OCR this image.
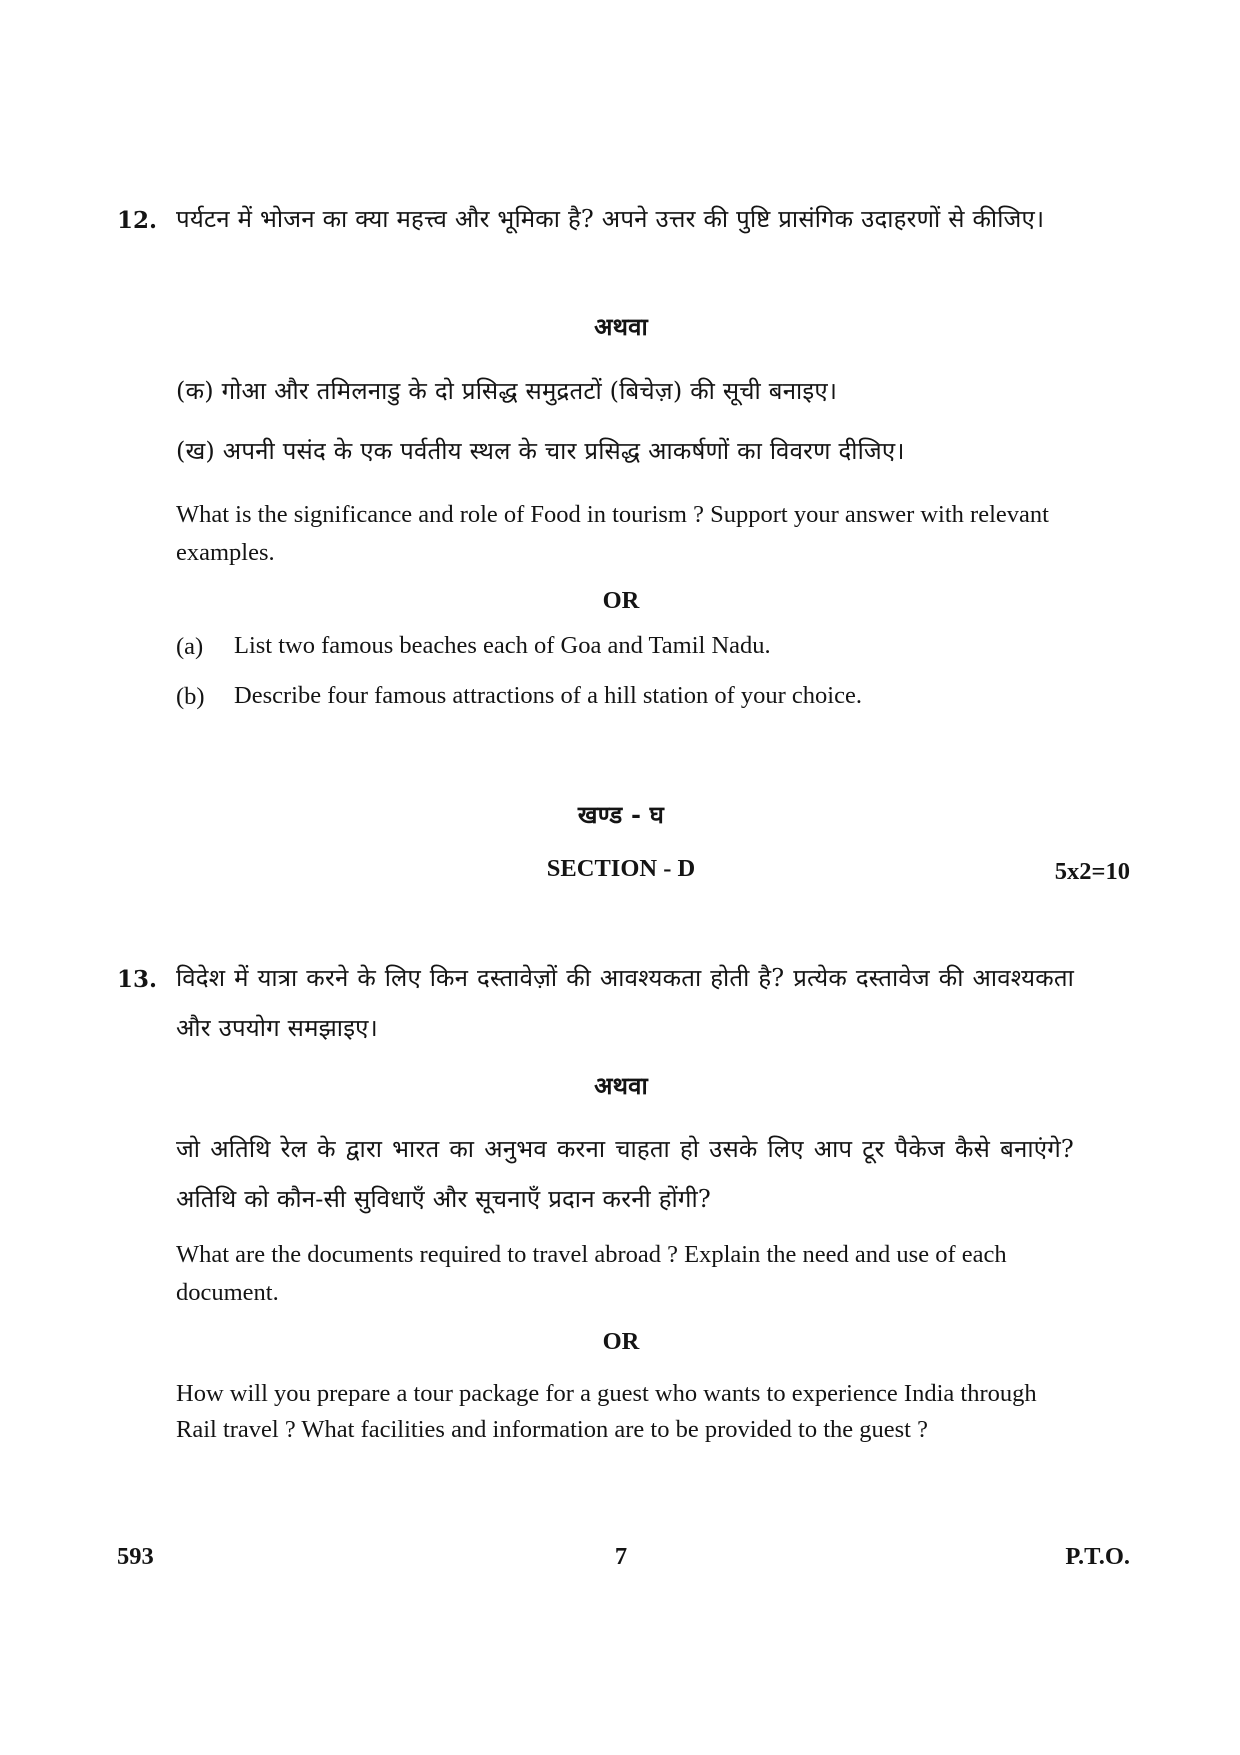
12. पर्यटन में भोजन का क्या महत्त्व और भूमिका है? अपने उत्तर की पुष्टि प्रासंगिक उदाहरणों से कीजिए।
अथवा
(क) गोआ और तमिलनाडु के दो प्रसिद्ध समुद्रतटों (बिचेज़) की सूची बनाइए।
(ख) अपनी पसंद के एक पर्वतीय स्थल के चार प्रसिद्ध आकर्षणों का विवरण दीजिए।
What is the significance and role of Food in tourism ? Support your answer with relevant examples.
OR
(a) List two famous beaches each of Goa and Tamil Nadu.
(b) Describe four famous attractions of a hill station of your choice.
खण्ड - घ
SECTION - D	5x2=10
13. विदेश में यात्रा करने के लिए किन दस्तावेज़ों की आवश्यकता होती है? प्रत्येक दस्तावेज की आवश्यकता और उपयोग समझाइए।
अथवा
जो अतिथि रेल के द्वारा भारत का अनुभव करना चाहता हो उसके लिए आप टूर पैकेज कैसे बनाएंगे? अतिथि को कौन-सी सुविधाएँ और सूचनाएँ प्रदान करनी होंगी?
What are the documents required to travel abroad ? Explain the need and use of each document.
OR
How will you prepare a tour package for a guest who wants to experience India through Rail travel ? What facilities and information are to be provided to the guest ?
593	7	P.T.O.
